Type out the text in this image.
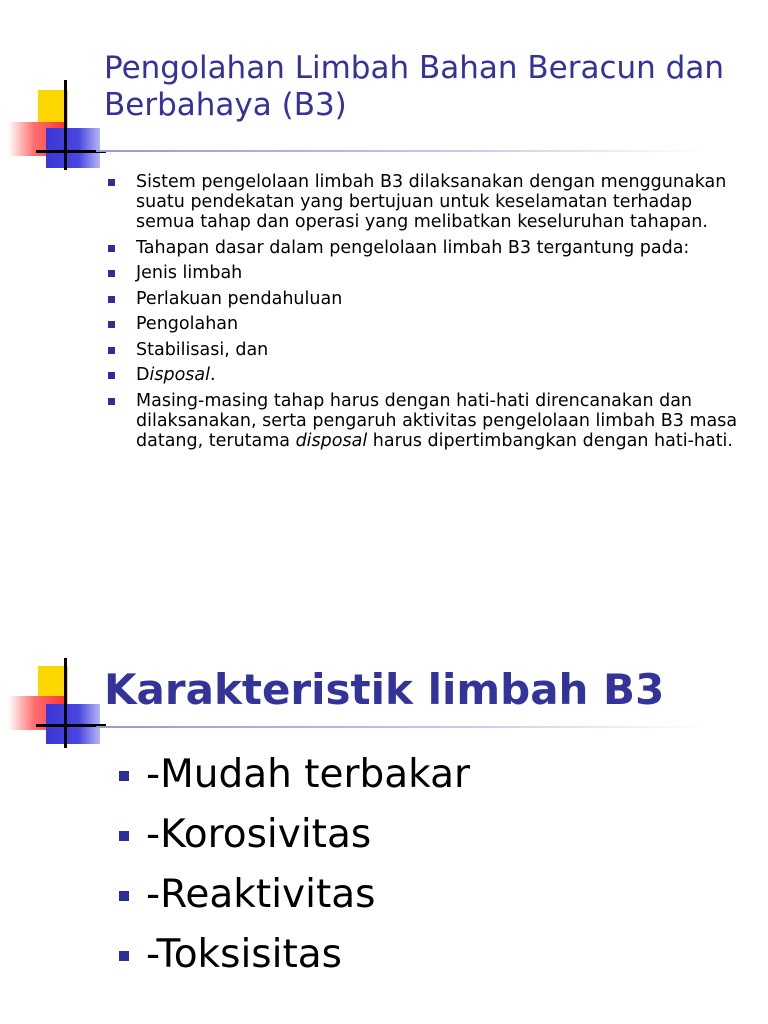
Pengolahan Limbah Bahan Beracun dan Berbahaya (B3)
Sistem pengelolaan limbah B3 dilaksanakan dengan menggunakan suatu pendekatan yang bertujuan untuk keselamatan terhadap semua tahap dan operasi yang melibatkan keseluruhan tahapan.
Tahapan dasar dalam pengelolaan limbah B3 tergantung pada:
Jenis limbah
Perlakuan pendahuluan
Pengolahan
Stabilisasi, dan
Disposal.
Masing-masing tahap harus dengan hati-hati direncanakan dan dilaksanakan, serta pengaruh aktivitas pengelolaan limbah B3 masa datang, terutama disposal harus dipertimbangkan dengan hati-hati.
Karakteristik limbah B3
-Mudah terbakar
-Korosivitas
-Reaktivitas
-Toksisitas
